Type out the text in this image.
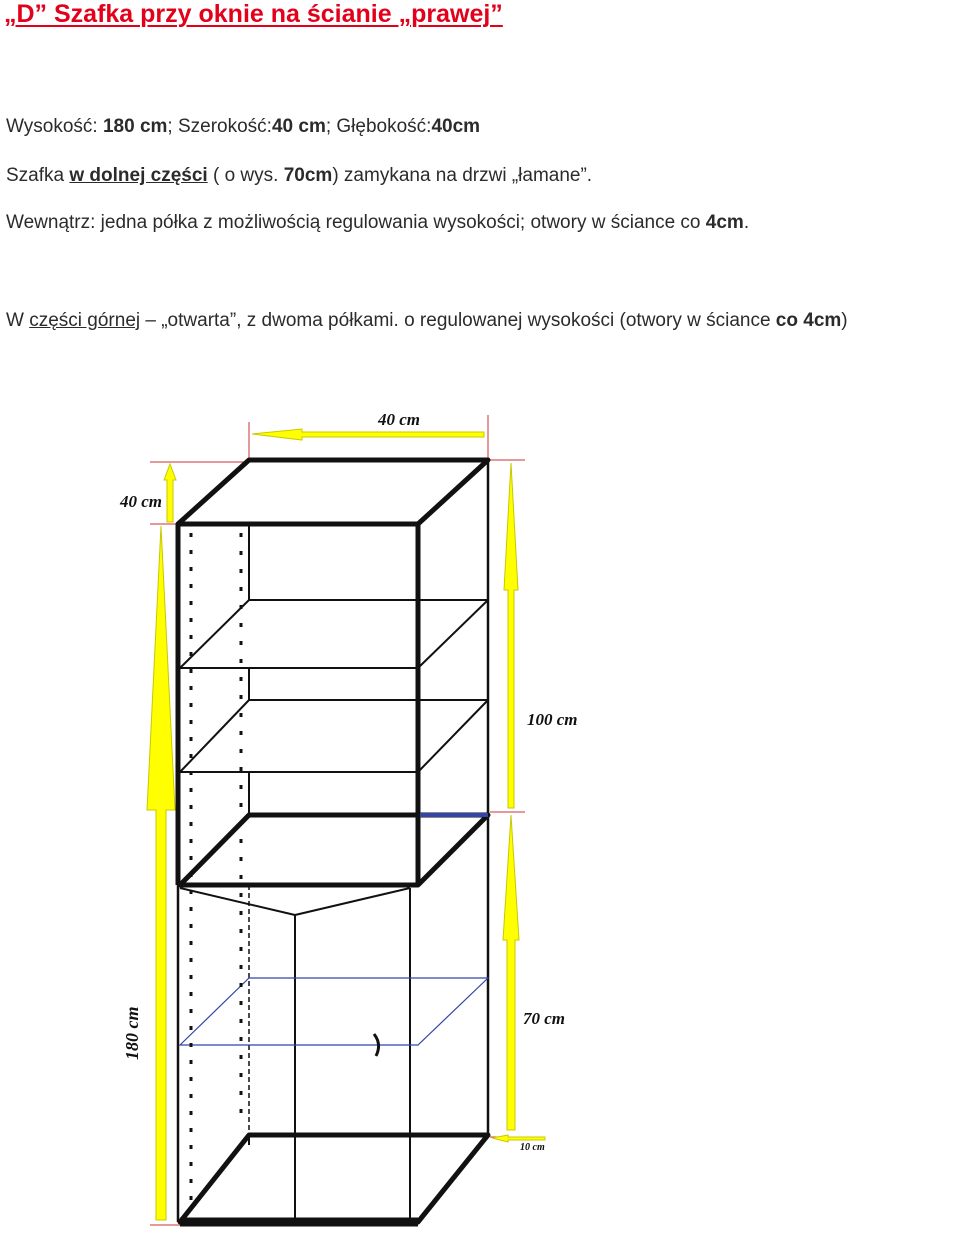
„D” Szafka przy oknie na ścianie „prawej”

Wysokość: 180 cm; Szerokość:40 cm; Głębokość:40cm

Szafka w dolnej części ( o wys. 70cm) zamykana na drzwi „łamane”.

Wewnątrz: jedna półka z możliwością regulowania wysokości; otwory w ściance co 4cm.

W części górnej – „otwarta”, z dwoma półkami. o regulowanej wysokości (otwory w ściance co 4cm)

40 cm
40 cm
100 cm
70 cm
10 cm
180 cm
